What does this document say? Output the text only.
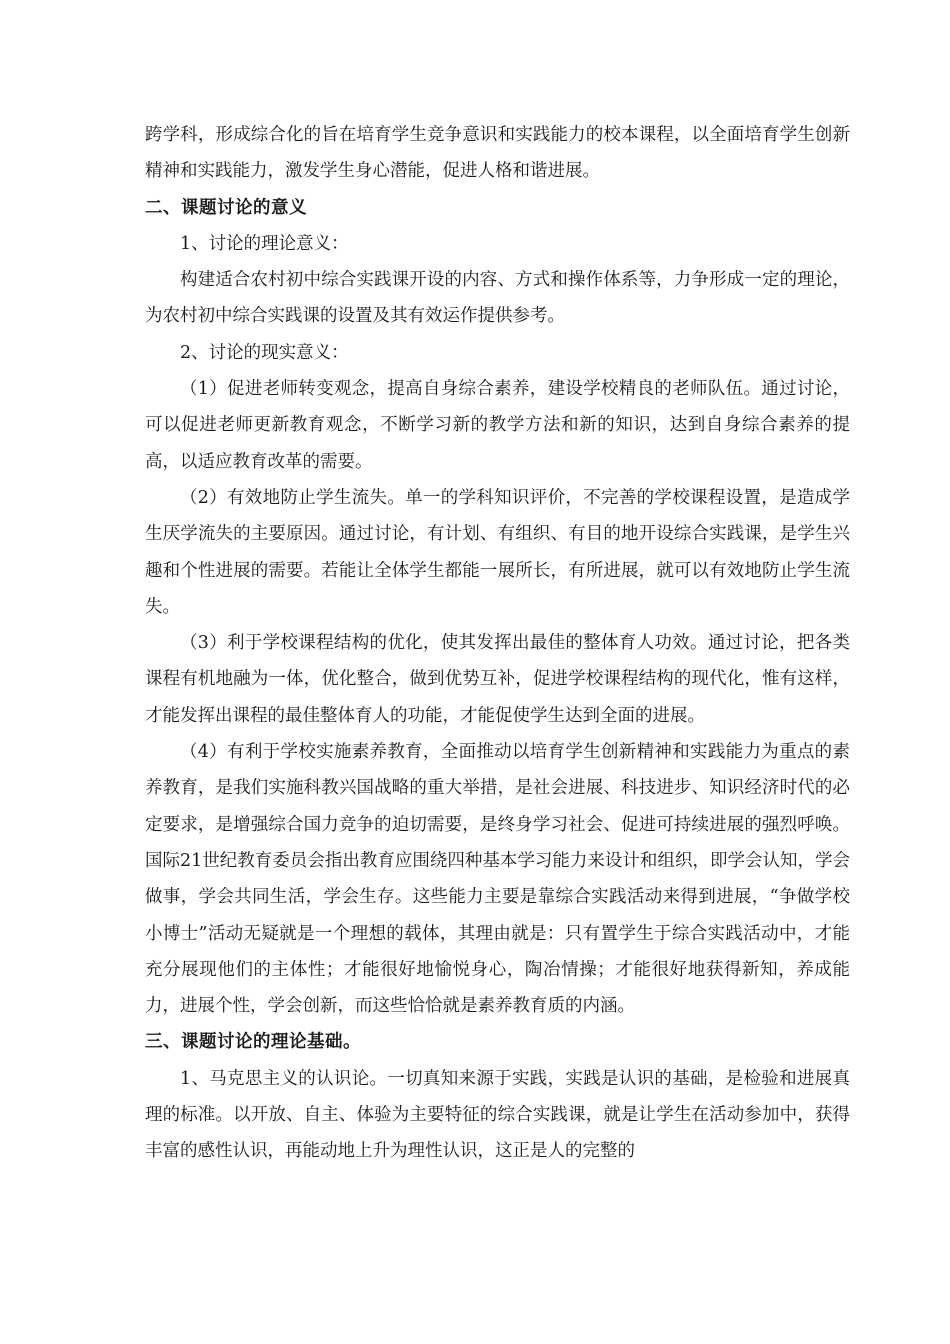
跨学科，形成综合化的旨在培育学生竞争意识和实践能力的校本课程，以全面培育学生创新精神和实践能力，激发学生身心潜能，促进人格和谐进展。

二、课题讨论的意义

1、讨论的理论意义：

构建适合农村初中综合实践课开设的内容、方式和操作体系等，力争形成一定的理论，为农村初中综合实践课的设置及其有效运作提供参考。

2、讨论的现实意义：

（1）促进老师转变观念，提高自身综合素养，建设学校精良的老师队伍。通过讨论，可以促进老师更新教育观念，不断学习新的教学方法和新的知识，达到自身综合素养的提高，以适应教育改革的需要。

（2）有效地防止学生流失。单一的学科知识评价，不完善的学校课程设置，是造成学生厌学流失的主要原因。通过讨论，有计划、有组织、有目的地开设综合实践课，是学生兴趣和个性进展的需要。若能让全体学生都能一展所长，有所进展，就可以有效地防止学生流失。

（3）利于学校课程结构的优化，使其发挥出最佳的整体育人功效。通过讨论，把各类课程有机地融为一体，优化整合，做到优势互补，促进学校课程结构的现代化，惟有这样，才能发挥出课程的最佳整体育人的功能，才能促使学生达到全面的进展。

（4）有利于学校实施素养教育，全面推动以培育学生创新精神和实践能力为重点的素养教育，是我们实施科教兴国战略的重大举措，是社会进展、科技进步、知识经济时代的必定要求，是增强综合国力竞争的迫切需要，是终身学习社会、促进可持续进展的强烈呼唤。国际21世纪教育委员会指出教育应围绕四种基本学习能力来设计和组织，即学会认知，学会做事，学会共同生活，学会生存。这些能力主要是靠综合实践活动来得到进展，“争做学校小博士”活动无疑就是一个理想的载体，其理由就是：只有置学生于综合实践活动中，才能充分展现他们的主体性；才能很好地愉悦身心，陶冶情操；才能很好地获得新知，养成能力，进展个性，学会创新，而这些恰恰就是素养教育质的内涵。

三、课题讨论的理论基础。

1、马克思主义的认识论。一切真知来源于实践，实践是认识的基础，是检验和进展真理的标准。以开放、自主、体验为主要特征的综合实践课，就是让学生在活动参加中，获得丰富的感性认识，再能动地上升为理性认识，这正是人的完整的
